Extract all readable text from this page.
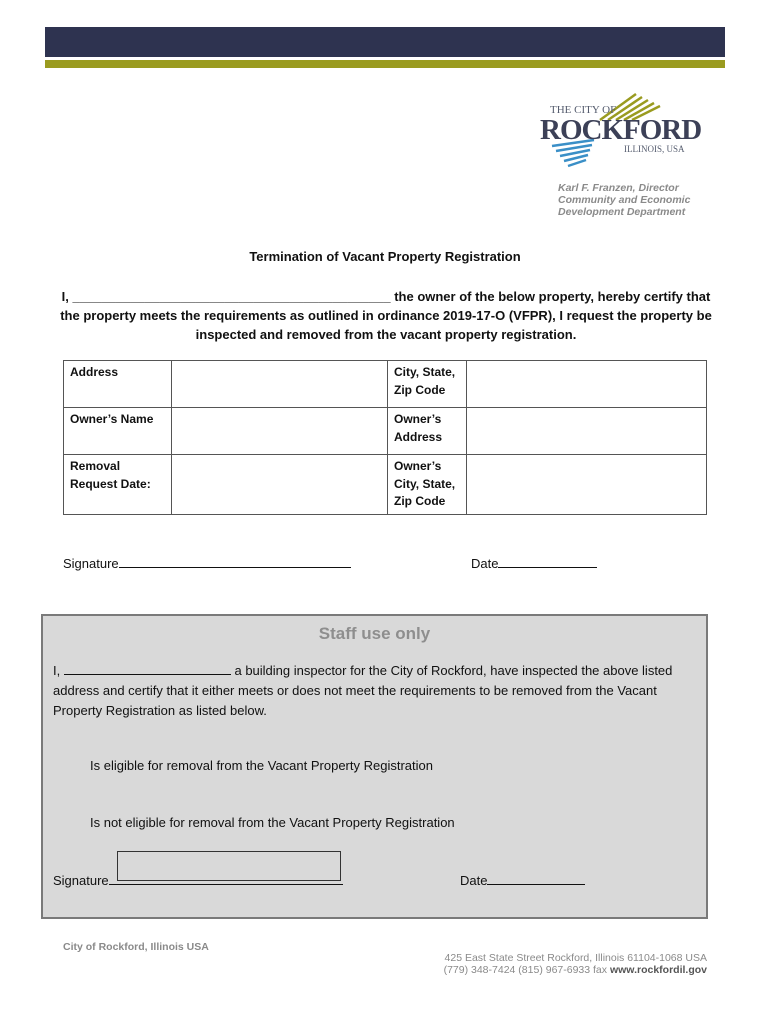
THE CITY OF
ROCKFORD
ILLINOIS, USA
Karl F. Franzen, Director
Community and Economic
Development Department
Termination of Vacant Property Registration
I, ____________________________________________ the owner of the below property, hereby certify that the property meets the requirements as outlined in ordinance 2019-17-O (VFPR), I request the property be inspected and removed from the vacant property registration.
Address		City, State, Zip Code	
Owner’s Name		Owner’s Address	
Removal Request Date:		Owner’s City, State, Zip Code	
Signature	Date
Staff use only
I,	a building inspector for the City of Rockford, have inspected the above listed address and certify that it either meets or does not meet the requirements to be removed from the Vacant Property Registration as listed below.
Is eligible for removal from the Vacant Property Registration
Is not eligible for removal from the Vacant Property Registration
Signature	Date
City of Rockford, Illinois USA
425 East State Street Rockford, Illinois 61104-1068 USA
(779) 348-7424 (815) 967-6933 fax www.rockfordil.gov
